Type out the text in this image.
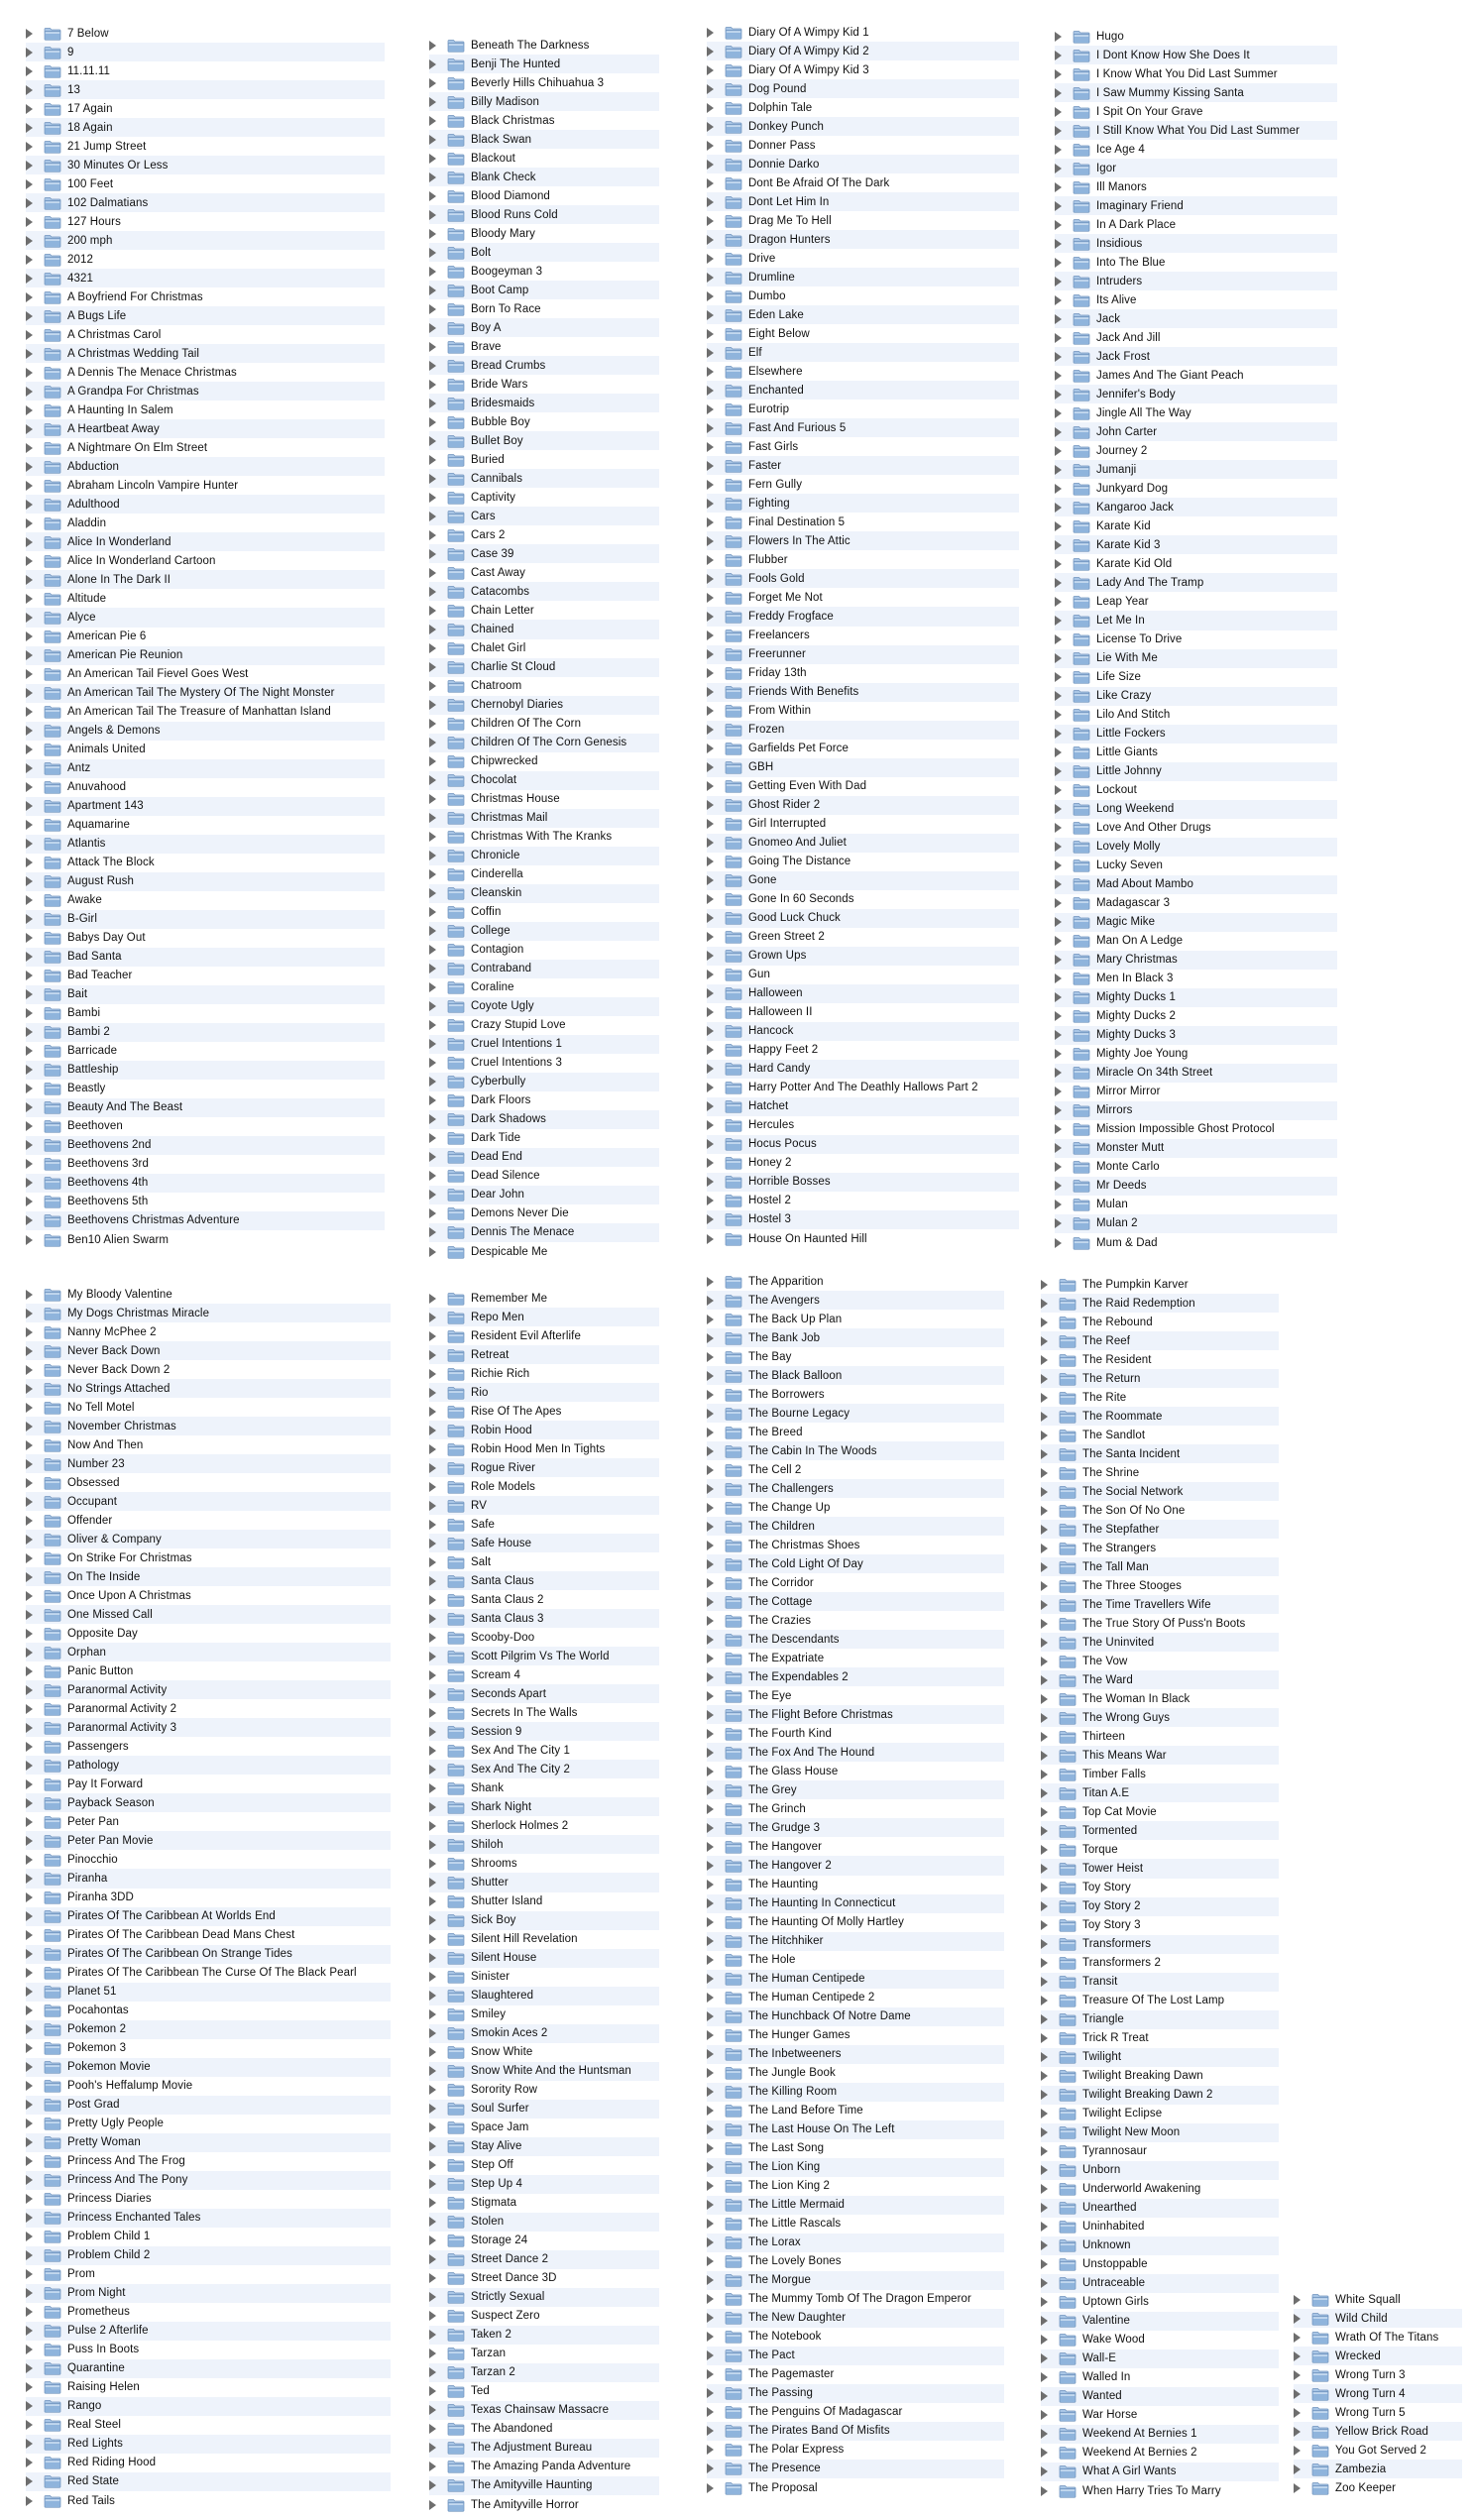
7 Below
9
11.11.11
13
17 Again
18 Again
21 Jump Street
30 Minutes Or Less
100 Feet
102 Dalmatians
127 Hours
200 mph
2012
4321
A Boyfriend For Christmas
A Bugs Life
A Christmas Carol
A Christmas Wedding Tail
A Dennis The Menace Christmas
A Grandpa For Christmas
A Haunting In Salem
A Heartbeat Away
A Nightmare On Elm Street
Abduction
Abraham Lincoln Vampire Hunter
Adulthood
Aladdin
Alice In Wonderland
Alice In Wonderland Cartoon
Alone In The Dark II
Altitude
Alyce
American Pie 6
American Pie Reunion
An American Tail Fievel Goes West
An American Tail The Mystery Of The Night Monster
An American Tail The Treasure of Manhattan Island
Angels & Demons
Animals United
Antz
Anuvahood
Apartment 143
Aquamarine
Atlantis
Attack The Block
August Rush
Awake
B-Girl
Babys Day Out
Bad Santa
Bad Teacher
Bait
Bambi
Bambi 2
Barricade
Battleship
Beastly
Beauty And The Beast
Beethoven
Beethovens 2nd
Beethovens 3rd
Beethovens 4th
Beethovens 5th
Beethovens Christmas Adventure
Ben10 Alien Swarm
Beneath The Darkness
Benji The Hunted
Beverly Hills Chihuahua 3
Billy Madison
Black Christmas
Black Swan
Blackout
Blank Check
Blood Diamond
Blood Runs Cold
Bloody Mary
Bolt
Boogeyman 3
Boot Camp
Born To Race
Boy A
Brave
Bread Crumbs
Bride Wars
Bridesmaids
Bubble Boy
Bullet Boy
Buried
Cannibals
Captivity
Cars
Cars 2
Case 39
Cast Away
Catacombs
Chain Letter
Chained
Chalet Girl
Charlie St Cloud
Chatroom
Chernobyl Diaries
Children Of The Corn
Children Of The Corn Genesis
Chipwrecked
Chocolat
Christmas House
Christmas Mail
Christmas With The Kranks
Chronicle
Cinderella
Cleanskin
Coffin
College
Contagion
Contraband
Coraline
Coyote Ugly
Crazy Stupid Love
Cruel Intentions 1
Cruel Intentions 3
Cyberbully
Dark Floors
Dark Shadows
Dark Tide
Dead End
Dead Silence
Dear John
Demons Never Die
Dennis The Menace
Despicable Me
Diary Of A Wimpy Kid 1
Diary Of A Wimpy Kid 2
Diary Of A Wimpy Kid 3
Dog Pound
Dolphin Tale
Donkey Punch
Donner Pass
Donnie Darko
Dont Be Afraid Of The Dark
Dont Let Him In
Drag Me To Hell
Dragon Hunters
Drive
Drumline
Dumbo
Eden Lake
Eight Below
Elf
Elsewhere
Enchanted
Eurotrip
Fast And Furious 5
Fast Girls
Faster
Fern Gully
Fighting
Final Destination 5
Flowers In The Attic
Flubber
Fools Gold
Forget Me Not
Freddy Frogface
Freelancers
Freerunner
Friday 13th
Friends With Benefits
From Within
Frozen
Garfields Pet Force
GBH
Getting Even With Dad
Ghost Rider 2
Girl Interrupted
Gnomeo And Juliet
Going The Distance
Gone
Gone In 60 Seconds
Good Luck Chuck
Green Street 2
Grown Ups
Gun
Halloween
Halloween II
Hancock
Happy Feet 2
Hard Candy
Harry Potter And The Deathly Hallows Part 2
Hatchet
Hercules
Hocus Pocus
Honey 2
Horrible Bosses
Hostel 2
Hostel 3
House On Haunted Hill
Hugo
I Dont Know How She Does It
I Know What You Did Last Summer
I Saw Mummy Kissing Santa
I Spit On Your Grave
I Still Know What You Did Last Summer
Ice Age 4
Igor
Ill Manors
Imaginary Friend
In A Dark Place
Insidious
Into The Blue
Intruders
Its Alive
Jack
Jack And Jill
Jack Frost
James And The Giant Peach
Jennifer's Body
Jingle All The Way
John Carter
Journey 2
Jumanji
Junkyard Dog
Kangaroo Jack
Karate Kid
Karate Kid 3
Karate Kid Old
Lady And The Tramp
Leap Year
Let Me In
License To Drive
Lie With Me
Life Size
Like Crazy
Lilo And Stitch
Little Fockers
Little Giants
Little Johnny
Lockout
Long Weekend
Love And Other Drugs
Lovely Molly
Lucky Seven
Mad About Mambo
Madagascar 3
Magic Mike
Man On A Ledge
Mary Christmas
Men In Black 3
Mighty Ducks 1
Mighty Ducks 2
Mighty Ducks 3
Mighty Joe Young
Miracle On 34th Street
Mirror Mirror
Mirrors
Mission Impossible Ghost Protocol
Monster Mutt
Monte Carlo
Mr Deeds
Mulan
Mulan 2
Mum & Dad
My Bloody Valentine
My Dogs Christmas Miracle
Nanny McPhee 2
Never Back Down
Never Back Down 2
No Strings Attached
No Tell Motel
November Christmas
Now And Then
Number 23
Obsessed
Occupant
Offender
Oliver & Company
On Strike For Christmas
On The Inside
Once Upon A Christmas
One Missed Call
Opposite Day
Orphan
Panic Button
Paranormal Activity
Paranormal Activity 2
Paranormal Activity 3
Passengers
Pathology
Pay It Forward
Payback Season
Peter Pan
Peter Pan Movie
Pinocchio
Piranha
Piranha 3DD
Pirates Of The Caribbean At Worlds End
Pirates Of The Caribbean Dead Mans Chest
Pirates Of The Caribbean On Strange Tides
Pirates Of The Caribbean The Curse Of The Black Pearl
Planet 51
Pocahontas
Pokemon 2
Pokemon 3
Pokemon Movie
Pooh's Heffalump Movie
Post Grad
Pretty Ugly People
Pretty Woman
Princess And The Frog
Princess And The Pony
Princess Diaries
Princess Enchanted Tales
Problem Child 1
Problem Child 2
Prom
Prom Night
Prometheus
Pulse 2 Afterlife
Puss In Boots
Quarantine
Raising Helen
Rango
Real Steel
Red Lights
Red Riding Hood
Red State
Red Tails
Remember Me
Repo Men
Resident Evil Afterlife
Retreat
Richie Rich
Rio
Rise Of The Apes
Robin Hood
Robin Hood Men In Tights
Rogue River
Role Models
RV
Safe
Safe House
Salt
Santa Claus
Santa Claus 2
Santa Claus 3
Scooby-Doo
Scott Pilgrim Vs The World
Scream 4
Seconds Apart
Secrets In The Walls
Session 9
Sex And The City 1
Sex And The City 2
Shank
Shark Night
Sherlock Holmes 2
Shiloh
Shrooms
Shutter
Shutter Island
Sick Boy
Silent Hill Revelation
Silent House
Sinister
Slaughtered
Smiley
Smokin Aces 2
Snow White
Snow White And the Huntsman
Sorority Row
Soul Surfer
Space Jam
Stay Alive
Step Off
Step Up 4
Stigmata
Stolen
Storage 24
Street Dance 2
Street Dance 3D
Strictly Sexual
Suspect Zero
Taken 2
Tarzan
Tarzan 2
Ted
Texas Chainsaw Massacre
The Abandoned
The Adjustment Bureau
The Amazing Panda Adventure
The Amityville Haunting
The Amityville Horror
The Apparition
The Avengers
The Back Up Plan
The Bank Job
The Bay
The Black Balloon
The Borrowers
The Bourne Legacy
The Breed
The Cabin In The Woods
The Cell 2
The Challengers
The Change Up
The Children
The Christmas Shoes
The Cold Light Of Day
The Corridor
The Cottage
The Crazies
The Descendants
The Expatriate
The Expendables 2
The Eye
The Flight Before Christmas
The Fourth Kind
The Fox And The Hound
The Glass House
The Grey
The Grinch
The Grudge 3
The Hangover
The Hangover 2
The Haunting
The Haunting In Connecticut
The Haunting Of Molly Hartley
The Hitchhiker
The Hole
The Human Centipede
The Human Centipede 2
The Hunchback Of Notre Dame
The Hunger Games
The Inbetweeners
The Jungle Book
The Killing Room
The Land Before Time
The Last House On The Left
The Last Song
The Lion King
The Lion King 2
The Little Mermaid
The Little Rascals
The Lorax
The Lovely Bones
The Morgue
The Mummy Tomb Of The Dragon Emperor
The New Daughter
The Notebook
The Pact
The Pagemaster
The Passing
The Penguins Of Madagascar
The Pirates Band Of Misfits
The Polar Express
The Presence
The Proposal
The Pumpkin Karver
The Raid Redemption
The Rebound
The Reef
The Resident
The Return
The Rite
The Roommate
The Sandlot
The Santa Incident
The Shrine
The Social Network
The Son Of No One
The Stepfather
The Strangers
The Tall Man
The Three Stooges
The Time Travellers Wife
The True Story Of Puss'n Boots
The Uninvited
The Vow
The Ward
The Woman In Black
The Wrong Guys
Thirteen
This Means War
Timber Falls
Titan A.E
Top Cat Movie
Tormented
Torque
Tower Heist
Toy Story
Toy Story 2
Toy Story 3
Transformers
Transformers 2
Transit
Treasure Of The Lost Lamp
Triangle
Trick R Treat
Twilight
Twilight Breaking Dawn
Twilight Breaking Dawn 2
Twilight Eclipse
Twilight New Moon
Tyrannosaur
Unborn
Underworld Awakening
Unearthed
Uninhabited
Unknown
Unstoppable
Untraceable
Uptown Girls
Valentine
Wake Wood
Wall-E
Walled In
Wanted
War Horse
Weekend At Bernies 1
Weekend At Bernies 2
What A Girl Wants
When Harry Tries To Marry
White Squall
Wild Child
Wrath Of The Titans
Wrecked
Wrong Turn 3
Wrong Turn 4
Wrong Turn 5
Yellow Brick Road
You Got Served 2
Zambezia
Zoo Keeper
